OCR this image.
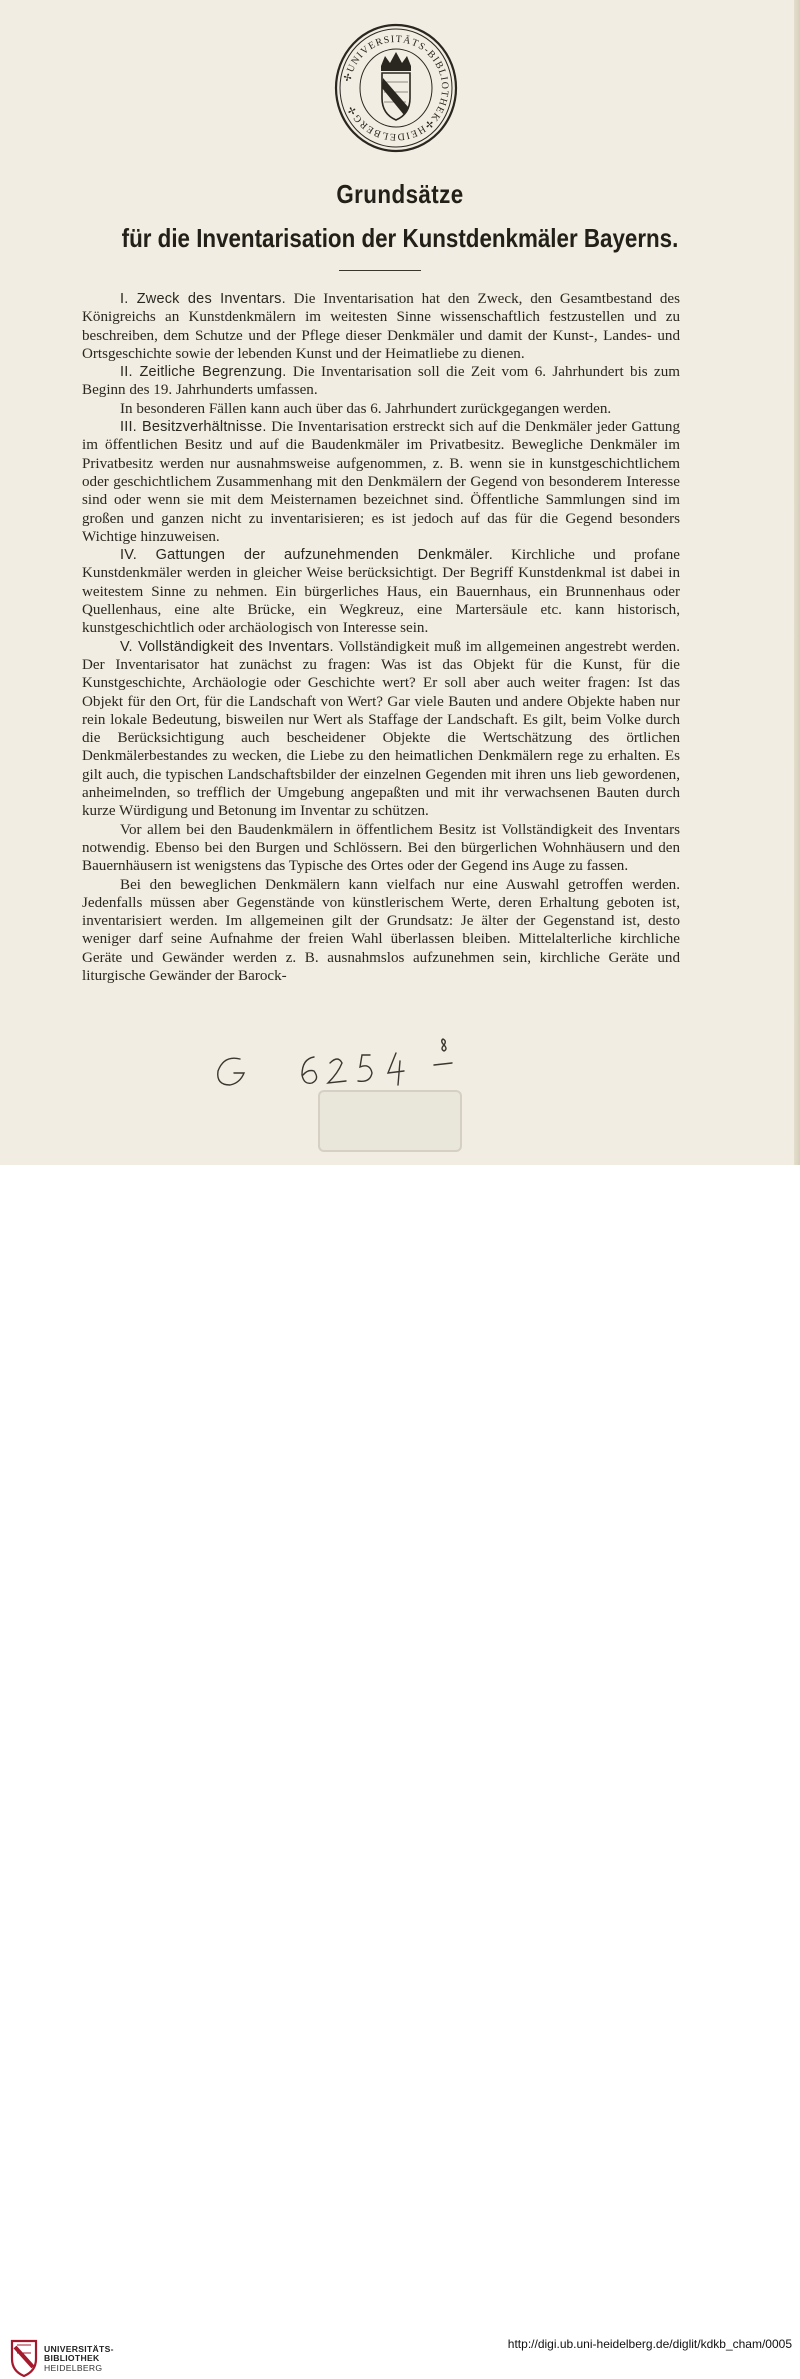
✢UNIVERSITÄTS-BIBLIOTHEK✢HEIDELBERG✢
Grundsätze
für die Inventarisation der Kunstdenkmäler Bayerns.

I. Zweck des Inventars. Die Inventarisation hat den Zweck, den Gesamtbestand des Königreichs an Kunstdenkmälern im weitesten Sinne wissenschaftlich festzustellen und zu beschreiben, dem Schutze und der Pflege dieser Denkmäler und damit der Kunst-, Landes- und Ortsgeschichte sowie der lebenden Kunst und der Heimatliebe zu dienen.

II. Zeitliche Begrenzung. Die Inventarisation soll die Zeit vom 6. Jahrhundert bis zum Beginn des 19. Jahrhunderts umfassen.

In besonderen Fällen kann auch über das 6. Jahrhundert zurückgegangen werden.

III. Besitzverhältnisse. Die Inventarisation erstreckt sich auf die Denkmäler jeder Gattung im öffentlichen Besitz und auf die Baudenkmäler im Privatbesitz. Bewegliche Denkmäler im Privatbesitz werden nur ausnahmsweise aufgenommen, z. B. wenn sie in kunstgeschichtlichem oder geschichtlichem Zusammenhang mit den Denkmälern der Gegend von besonderem Interesse sind oder wenn sie mit dem Meisternamen bezeichnet sind. Öffentliche Sammlungen sind im großen und ganzen nicht zu inventarisieren; es ist jedoch auf das für die Gegend besonders Wichtige hinzuweisen.

IV. Gattungen der aufzunehmenden Denkmäler. Kirchliche und profane Kunstdenkmäler werden in gleicher Weise berücksichtigt. Der Begriff Kunstdenkmal ist dabei in weitestem Sinne zu nehmen. Ein bürgerliches Haus, ein Bauernhaus, ein Brunnenhaus oder Quellenhaus, eine alte Brücke, ein Wegkreuz, eine Martersäule etc. kann historisch, kunstgeschichtlich oder archäologisch von Interesse sein.

V. Vollständigkeit des Inventars. Vollständigkeit muß im allgemeinen angestrebt werden. Der Inventarisator hat zunächst zu fragen: Was ist das Objekt für die Kunst, für die Kunstgeschichte, Archäologie oder Geschichte wert? Er soll aber auch weiter fragen: Ist das Objekt für den Ort, für die Landschaft von Wert? Gar viele Bauten und andere Objekte haben nur rein lokale Bedeutung, bisweilen nur Wert als Staffage der Landschaft. Es gilt, beim Volke durch die Berücksichtigung auch bescheidener Objekte die Wertschätzung des örtlichen Denkmälerbestandes zu wecken, die Liebe zu den heimatlichen Denkmälern rege zu erhalten. Es gilt auch, die typischen Landschaftsbilder der einzelnen Gegenden mit ihren uns lieb gewordenen, anheimelnden, so trefflich der Umgebung angepaßten und mit ihr verwachsenen Bauten durch kurze Würdigung und Betonung im Inventar zu schützen.

Vor allem bei den Baudenkmälern in öffentlichem Besitz ist Vollständigkeit des Inventars notwendig. Ebenso bei den Burgen und Schlössern. Bei den bürgerlichen Wohnhäusern und den Bauernhäusern ist wenigstens das Typische des Ortes oder der Gegend ins Auge zu fassen.

Bei den beweglichen Denkmälern kann vielfach nur eine Auswahl getroffen werden. Jedenfalls müssen aber Gegenstände von künstlerischem Werte, deren Erhaltung geboten ist, inventarisiert werden. Im allgemeinen gilt der Grundsatz: Je älter der Gegenstand ist, desto weniger darf seine Aufnahme der freien Wahl überlassen bleiben. Mittelalterliche kirchliche Geräte und Gewänder werden z. B. ausnahmslos aufzunehmen sein, kirchliche Geräte und liturgische Gewänder der Barock-

UNIVERSITÄTS-
BIBLIOTHEK
HEIDELBERG
http://digi.ub.uni-heidelberg.de/diglit/kdkb_cham/0005
